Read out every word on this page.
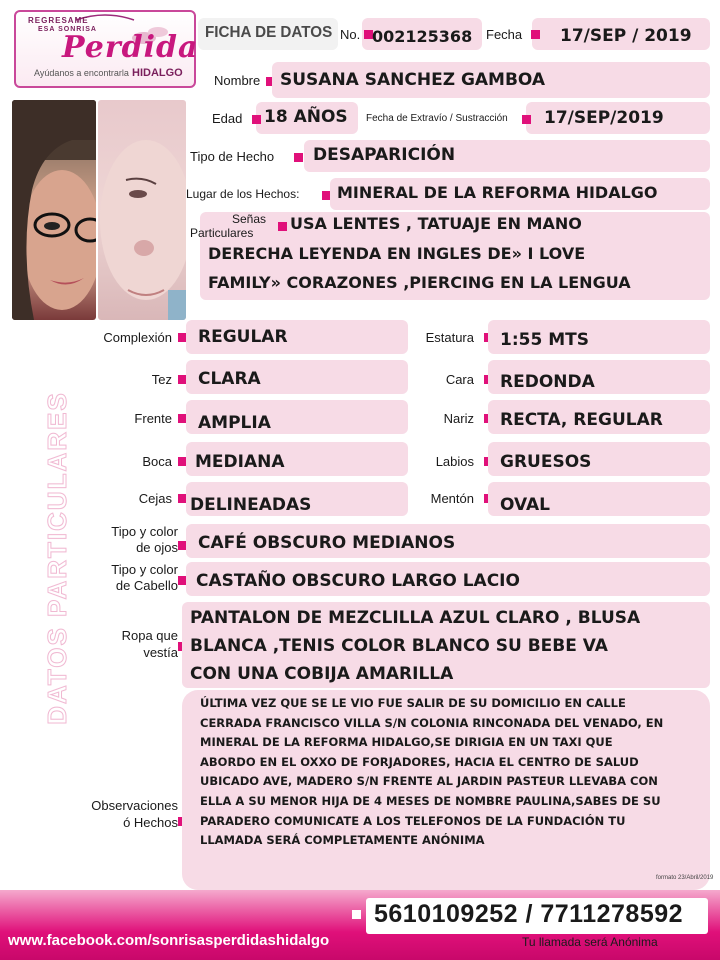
REGRESAME
ESA SONRISA
Perdida
Ayúdanos a encontrarla HIDALGO
FICHA DE DATOS No. 002125368 Fecha 17/SEP / 2019
Nombre SUSANA SANCHEZ GAMBOA
Edad 18 AÑOS Fecha de Extravío / Sustracción 17/SEP/2019
Tipo de Hecho DESAPARICIÓN
Lugar de los Hechos: MINERAL DE LA REFORMA HIDALGO
Señas
Particulares USA LENTES , TATUAJE EN MANO
DERECHA LEYENDA EN INGLES DE» I LOVE
FAMILY» CORAZONES ,PIERCING EN LA LENGUA
DATOS PARTICULARES
Complexión REGULAR	Estatura 1:55 MTS
Tez CLARA	Cara REDONDA
Frente AMPLIA	Nariz RECTA, REGULAR
Boca MEDIANA	Labios GRUESOS
Cejas DELINEADAS	Mentón OVAL
Tipo y color
de ojos CAFÉ OBSCURO MEDIANOS
Tipo y color
de Cabello CASTAÑO OBSCURO LARGO LACIO
Ropa que
vestía
PANTALON DE MEZCLILLA AZUL CLARO , BLUSA
BLANCA ,TENIS COLOR BLANCO SU BEBE VA
CON UNA COBIJA AMARILLA
Observaciones
ó Hechos
ÚLTIMA VEZ QUE SE LE VIO FUE SALIR DE SU DOMICILIO EN CALLE
CERRADA FRANCISCO VILLA S/N COLONIA RINCONADA DEL VENADO, EN
MINERAL DE LA REFORMA HIDALGO,SE DIRIGIA EN UN TAXI QUE
ABORDO EN EL OXXO DE FORJADORES, HACIA EL CENTRO DE SALUD
UBICADO AVE, MADERO S/N FRENTE AL JARDIN PASTEUR LLEVABA CON
ELLA A SU MENOR HIJA DE 4 MESES DE NOMBRE PAULINA,SABES DE SU
PARADERO COMUNICATE A LOS TELEFONOS DE LA FUNDACIÓN TU
LLAMADA SERÁ COMPLETAMENTE ANÓNIMA
formato 23/Abril/2019
5610109252 / 7711278592
www.facebook.com/sonrisasperdidashidalgo	Tu llamada será Anónima
